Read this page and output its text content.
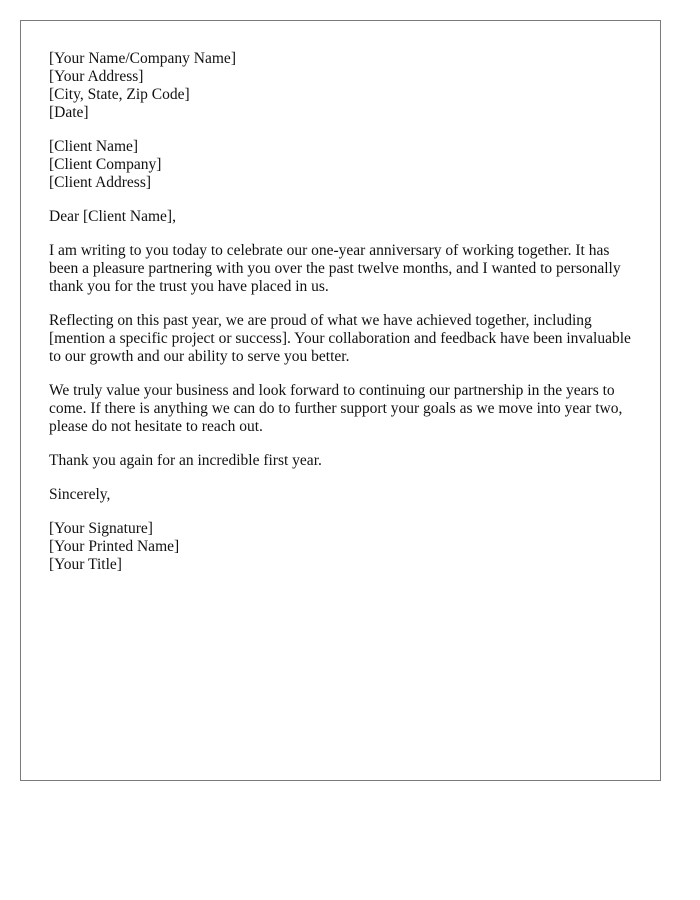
[Your Name/Company Name]
[Your Address]
[City, State, Zip Code]
[Date]
[Client Name]
[Client Company]
[Client Address]

Dear [Client Name],

I am writing to you today to celebrate our one-year anniversary of working together. It has been a pleasure partnering with you over the past twelve months, and I wanted to personally thank you for the trust you have placed in us.

Reflecting on this past year, we are proud of what we have achieved together, including [mention a specific project or success]. Your collaboration and feedback have been invaluable to our growth and our ability to serve you better.

We truly value your business and look forward to continuing our partnership in the years to come. If there is anything we can do to further support your goals as we move into year two, please do not hesitate to reach out.

Thank you again for an incredible first year.

Sincerely,

[Your Signature]
[Your Printed Name]
[Your Title]
